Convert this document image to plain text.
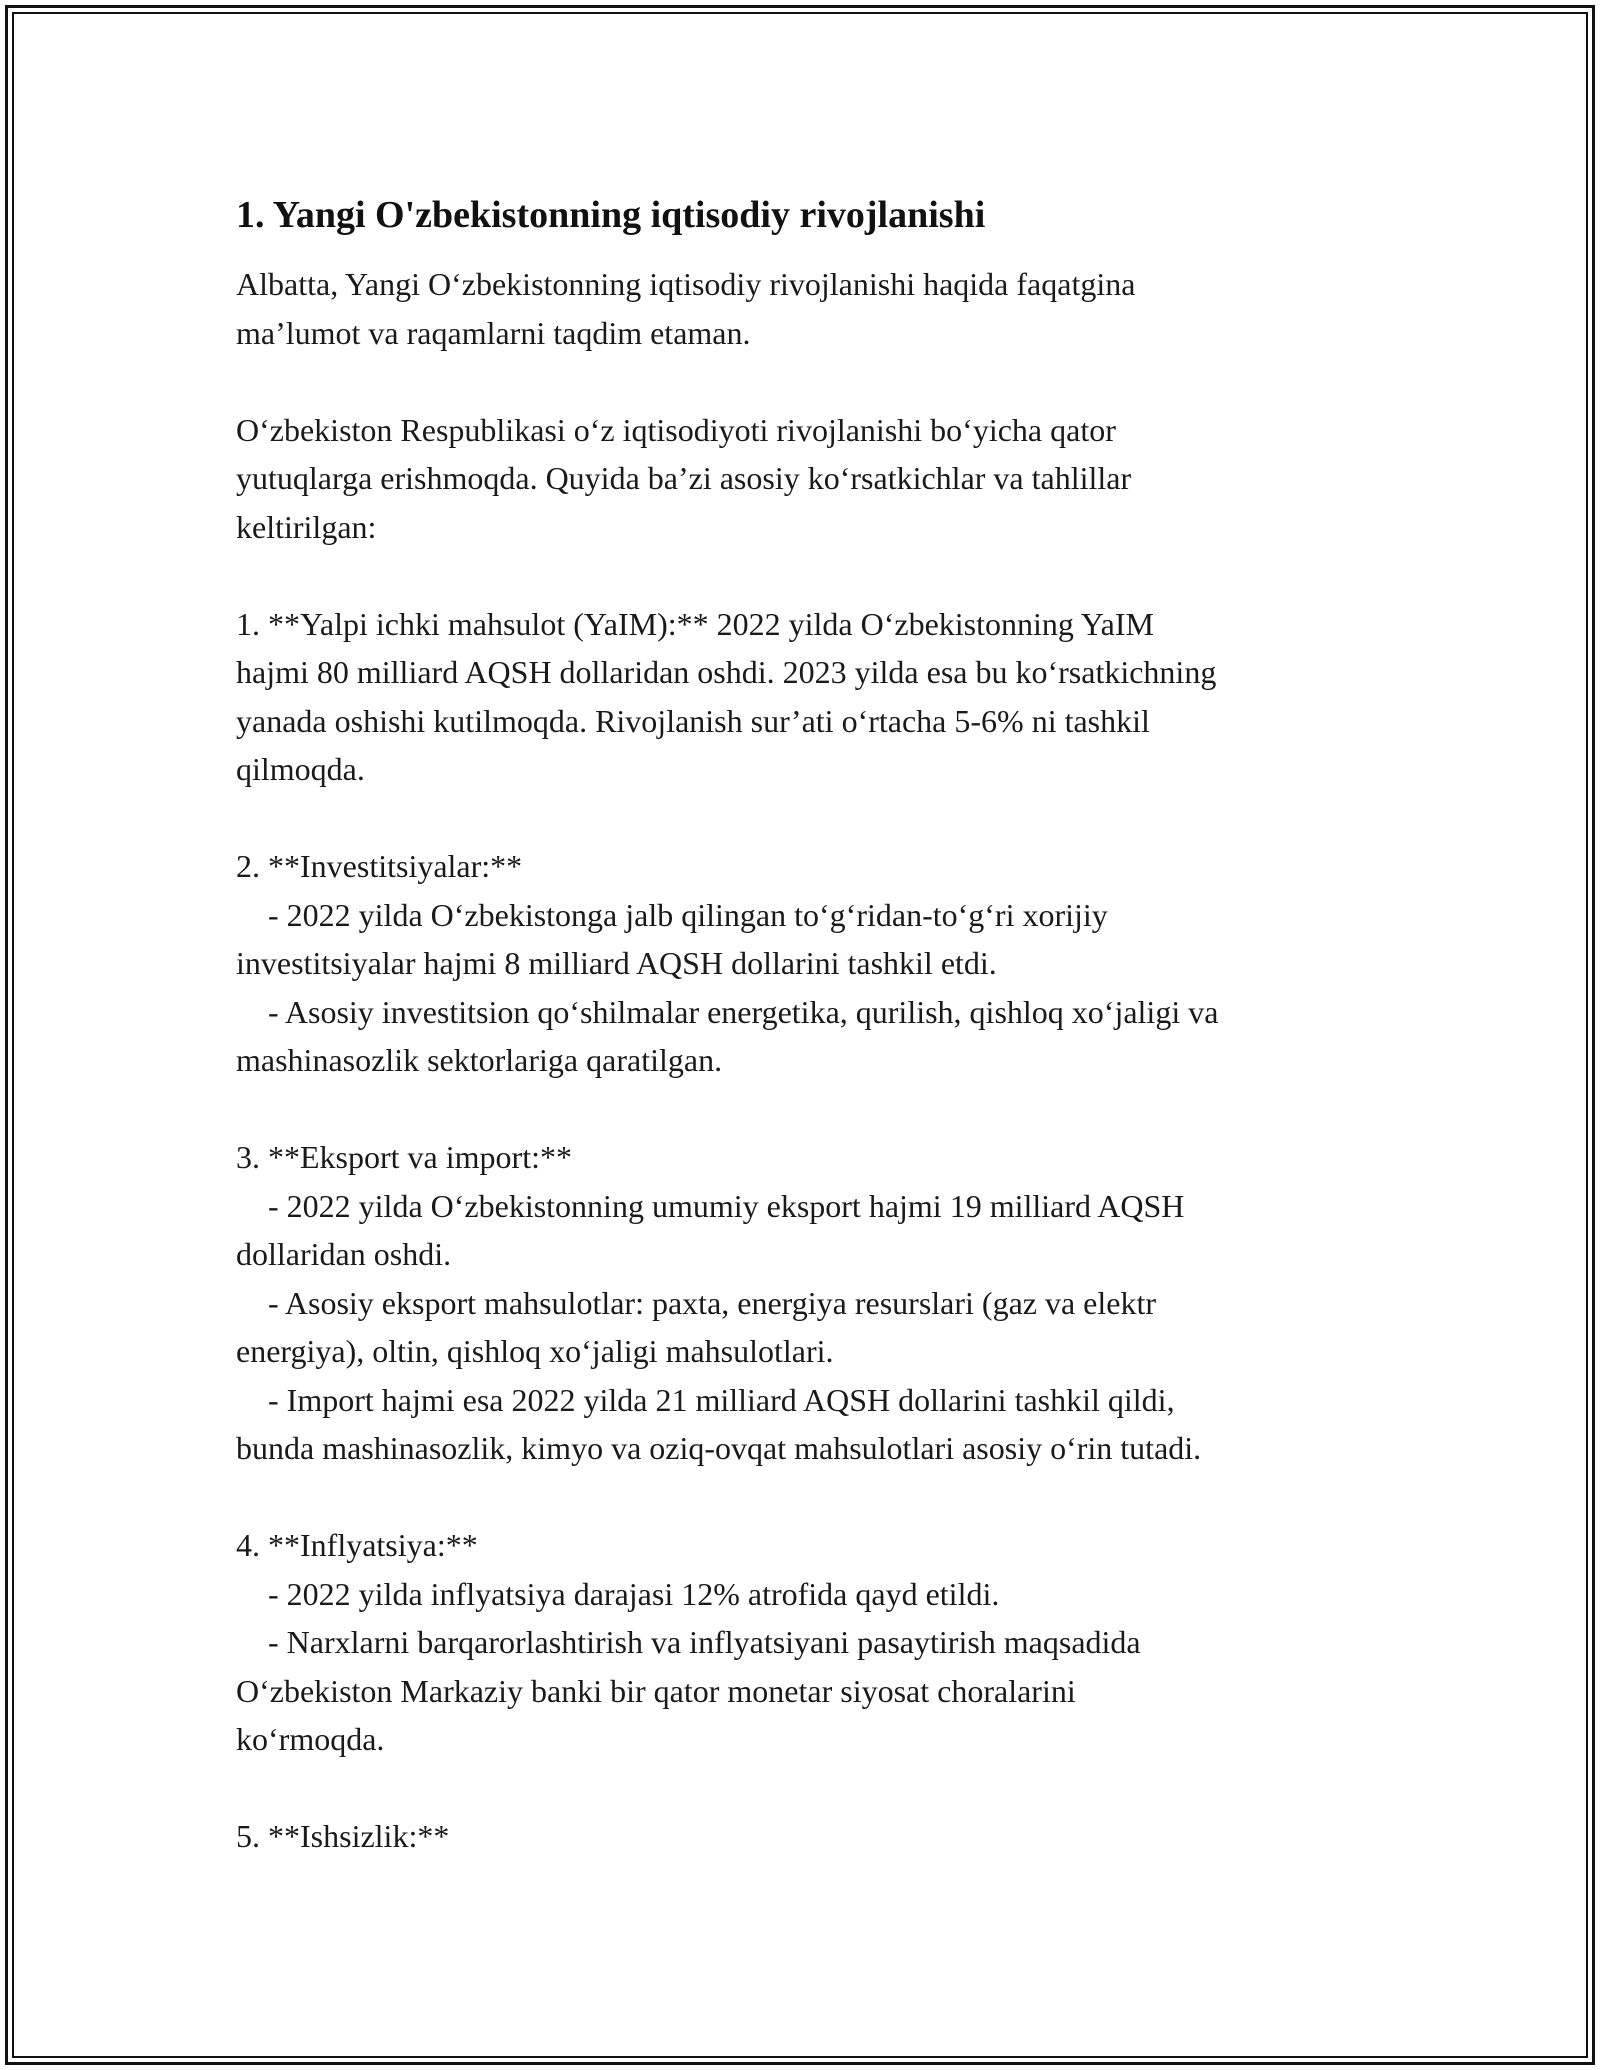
1. Yangi O'zbekistonning iqtisodiy rivojlanishi

Albatta, Yangi O‘zbekistonning iqtisodiy rivojlanishi haqida faqatgina
ma’lumot va raqamlarni taqdim etaman.

O‘zbekiston Respublikasi o‘z iqtisodiyoti rivojlanishi bo‘yicha qator
yutuqlarga erishmoqda. Quyida ba’zi asosiy ko‘rsatkichlar va tahlillar
keltirilgan:

1. **Yalpi ichki mahsulot (YaIM):** 2022 yilda O‘zbekistonning YaIM
hajmi 80 milliard AQSH dollaridan oshdi. 2023 yilda esa bu ko‘rsatkichning
yanada oshishi kutilmoqda. Rivojlanish sur’ati o‘rtacha 5-6% ni tashkil
qilmoqda.

2. **Investitsiyalar:**
- 2022 yilda O‘zbekistonga jalb qilingan to‘g‘ridan-to‘g‘ri xorijiy
investitsiyalar hajmi 8 milliard AQSH dollarini tashkil etdi.
- Asosiy investitsion qo‘shilmalar energetika, qurilish, qishloq xo‘jaligi va
mashinasozlik sektorlariga qaratilgan.

3. **Eksport va import:**
- 2022 yilda O‘zbekistonning umumiy eksport hajmi 19 milliard AQSH
dollaridan oshdi.
- Asosiy eksport mahsulotlar: paxta, energiya resurslari (gaz va elektr
energiya), oltin, qishloq xo‘jaligi mahsulotlari.
- Import hajmi esa 2022 yilda 21 milliard AQSH dollarini tashkil qildi,
bunda mashinasozlik, kimyo va oziq-ovqat mahsulotlari asosiy o‘rin tutadi.

4. **Inflyatsiya:**
- 2022 yilda inflyatsiya darajasi 12% atrofida qayd etildi.
- Narxlarni barqarorlashtirish va inflyatsiyani pasaytirish maqsadida
O‘zbekiston Markaziy banki bir qator monetar siyosat choralarini
ko‘rmoqda.

5. **Ishsizlik:**
